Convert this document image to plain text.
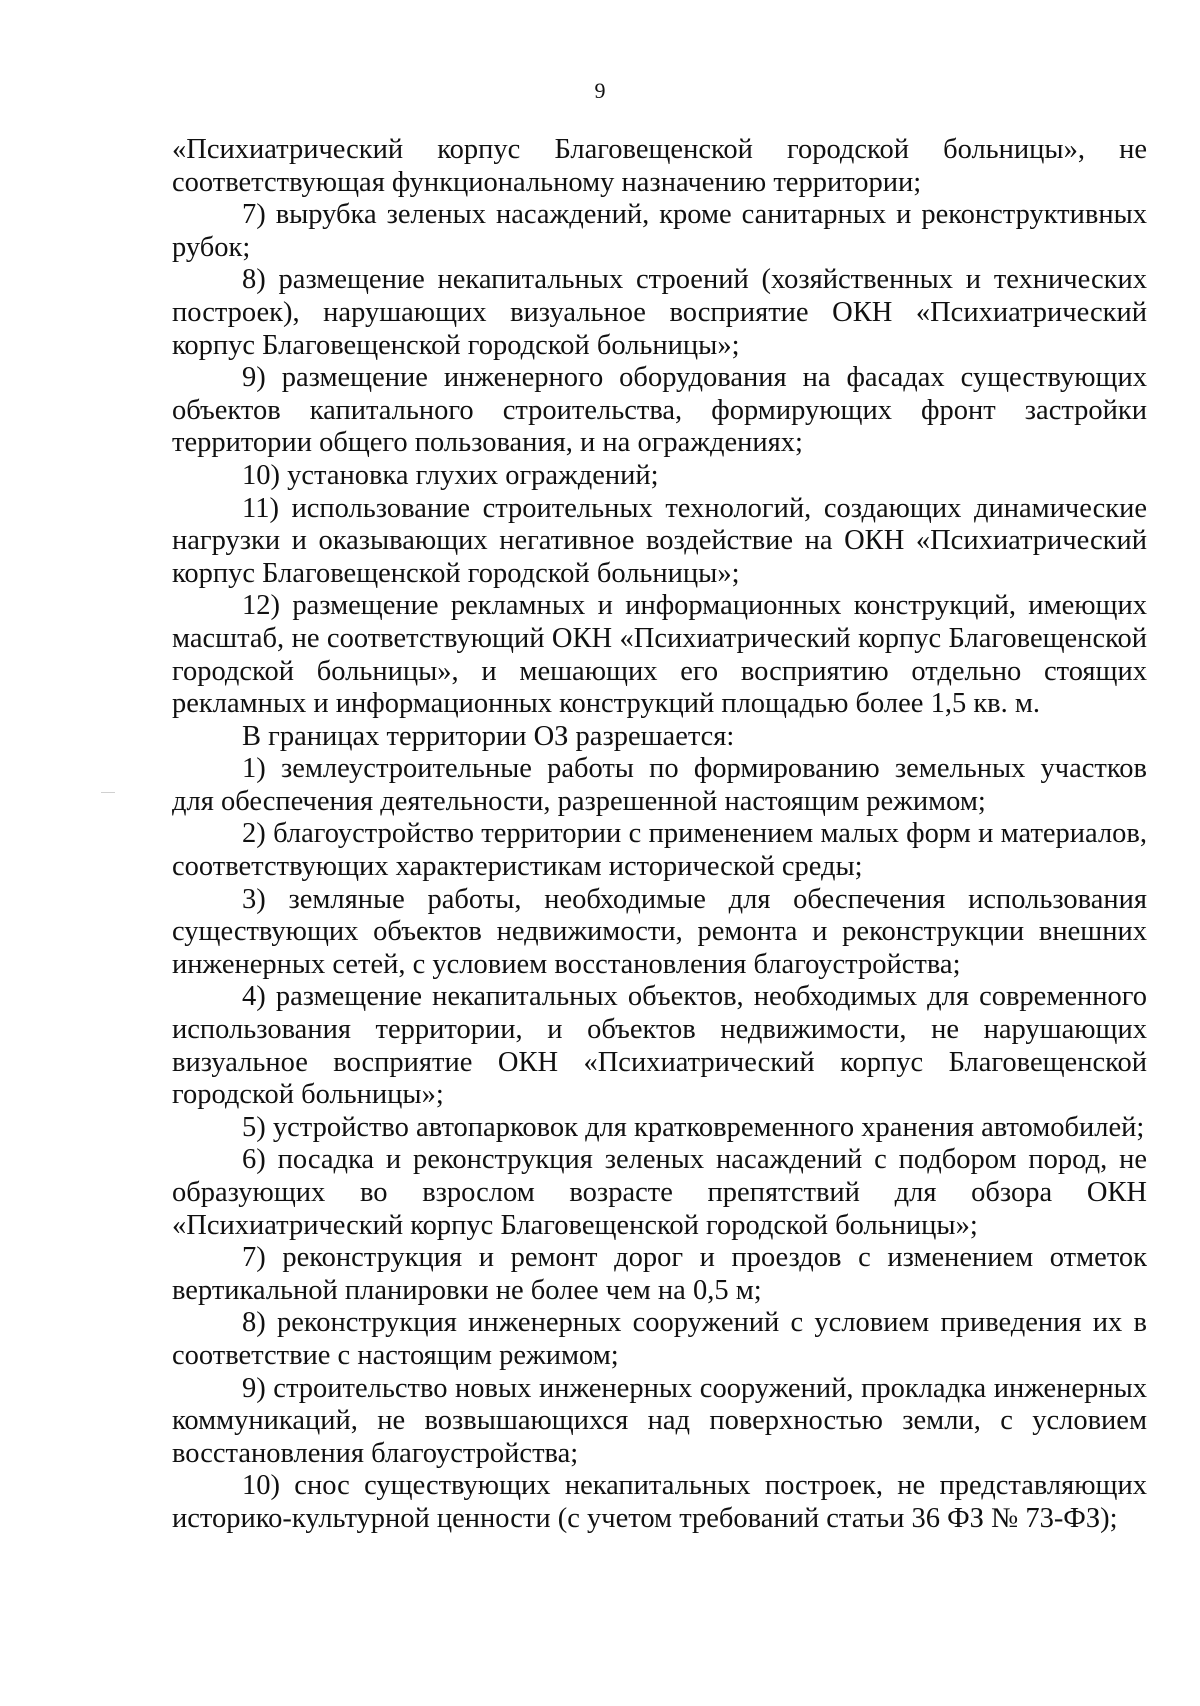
9

«Психиатрический корпус Благовещенской городской больницы», не соответствующая функциональному назначению территории;

7) вырубка зеленых насаждений, кроме санитарных и реконструктивных рубок;

8) размещение некапитальных строений (хозяйственных и технических построек), нарушающих визуальное восприятие ОКН «Психиатрический корпус Благовещенской городской больницы»;

9) размещение инженерного оборудования на фасадах существующих объектов капитального строительства, формирующих фронт застройки территории общего пользования, и на ограждениях;

10) установка глухих ограждений;

11) использование строительных технологий, создающих динамические нагрузки и оказывающих негативное воздействие на ОКН «Психиатрический корпус Благовещенской городской больницы»;

12) размещение рекламных и информационных конструкций, имеющих масштаб, не соответствующий ОКН «Психиатрический корпус Благовещенской городской больницы», и мешающих его восприятию отдельно стоящих рекламных и информационных конструкций площадью более 1,5 кв. м.

В границах территории ОЗ разрешается:

1) землеустроительные работы по формированию земельных участков для обеспечения деятельности, разрешенной настоящим режимом;

2) благоустройство территории с применением малых форм и материалов, соответствующих характеристикам исторической среды;

3) земляные работы, необходимые для обеспечения использования существующих объектов недвижимости, ремонта и реконструкции внешних инженерных сетей, с условием восстановления благоустройства;

4) размещение некапитальных объектов, необходимых для современного использования территории, и объектов недвижимости, не нарушающих визуальное восприятие ОКН «Психиатрический корпус Благовещенской городской больницы»;

5) устройство автопарковок для кратковременного хранения автомобилей;

6) посадка и реконструкция зеленых насаждений с подбором пород, не образующих во взрослом возрасте препятствий для обзора ОКН «Психиатрический корпус Благовещенской городской больницы»;

7) реконструкция и ремонт дорог и проездов с изменением отметок вертикальной планировки не более чем на 0,5 м;

8) реконструкция инженерных сооружений с условием приведения их в соответствие с настоящим режимом;

9) строительство новых инженерных сооружений, прокладка инженерных коммуникаций, не возвышающихся над поверхностью земли, с условием восстановления благоустройства;

10) снос существующих некапитальных построек, не представляющих историко-культурной ценности (с учетом требований статьи 36 ФЗ № 73-ФЗ);
